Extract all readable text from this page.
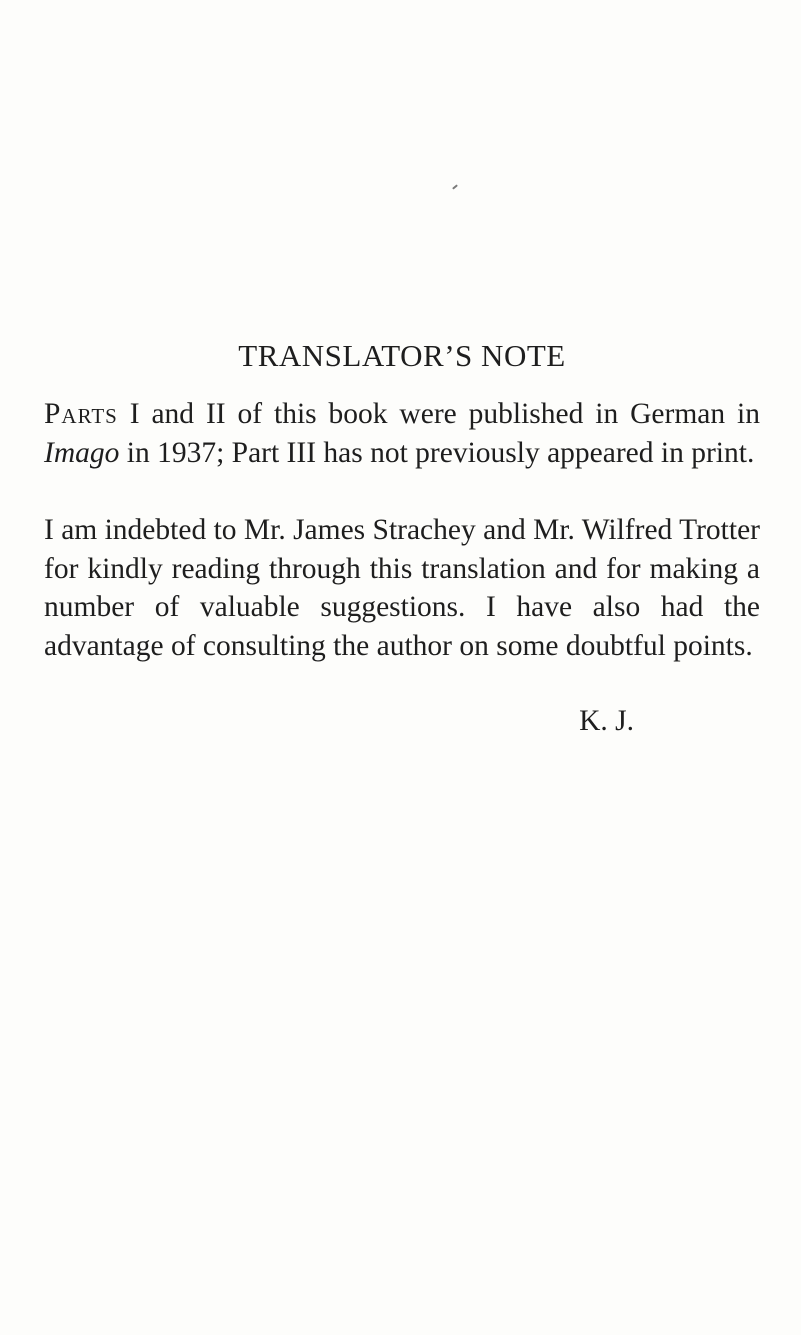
TRANSLATOR’S NOTE

Parts I and II of this book were published in German in Imago in 1937; Part III has not previously appeared in print.

I am indebted to Mr. James Strachey and Mr. Wilfred Trotter for kindly reading through this translation and for making a number of valuable suggestions. I have also had the advantage of consulting the author on some doubtful points.

K. J.
